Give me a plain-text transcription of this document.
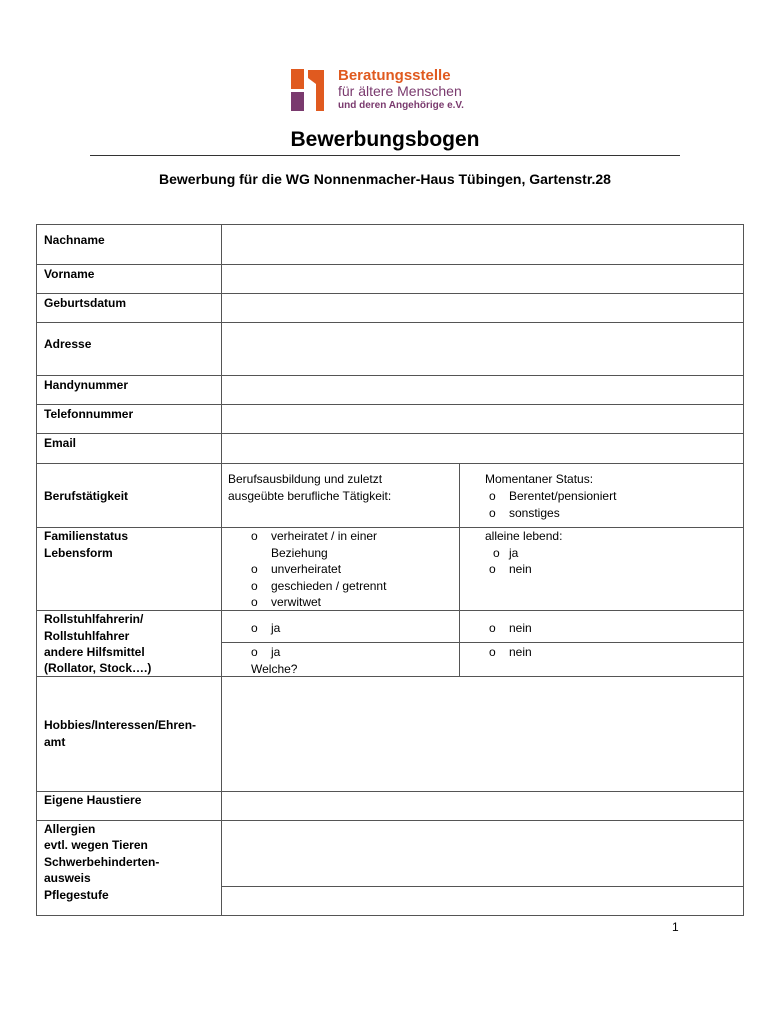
Beratungsstelle
für ältere Menschen
und deren Angehörige e.V.
Bewerbungsbogen
Bewerbung für die WG Nonnenmacher-Haus Tübingen, Gartenstr.28
Nachname
Vorname
Geburtsdatum
Adresse
Handynummer
Telefonnummer
Email
Berufstätigkeit
Familienstatus
Lebensform
Rollstuhlfahrerin/
Rollstuhlfahrer
andere Hilfsmittel
(Rollator, Stock….)
Hobbies/Interessen/Ehren-
amt
Eigene Haustiere
Allergien
evtl. wegen Tieren
Schwerbehinderten-
ausweis
Pflegestufe
Berufsausbildung und zuletzt
ausgeübte berufliche Tätigkeit:
Momentaner Status:
o Berentet/pensioniert
o sonstiges
o verheiratet / in einer
Beziehung
o unverheiratet
o geschieden / getrennt
o verwitwet
alleine lebend:
o ja
o nein
o ja	o nein
o ja
Welche?
o nein
1
